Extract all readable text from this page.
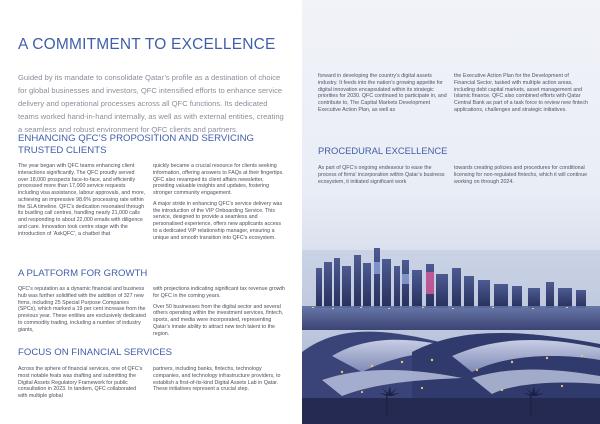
A COMMITMENT TO EXCELLENCE
Guided by its mandate to consolidate Qatar’s profile as a destination of choice for global businesses and investors, QFC intensified efforts to enhance service delivery and operational processes across all QFC functions. Its dedicated teams worked hand-in-hand internally, as well as with external entities, creating a seamless and robust environment for QFC clients and partners.
ENHANCING QFC’S PROPOSITION AND SERVICING
TRUSTED CLIENTS

The year began with QFC teams enhancing client interactions significantly. The QFC proudly served over 18,000 prospects face-to-face, and efficiently processed more than 17,000 service requests including visa assistance, labour approvals, and more, achieving an impressive 98.6% processing rate within the SLA timeline. QFC’s dedication resonated through its bustling call centres, handling nearly 21,000 calls and responding to about 22,000 emails with diligence and care. Innovation took centre stage with the introduction of ‘AskQFC’, a chatbot that

quickly became a crucial resource for clients seeking information, offering answers to FAQs at their fingertips. QFC also revamped its client affairs newsletter, providing valuable insights and updates, fostering stronger community engagement.

A major stride in enhancing QFC’s service delivery was the introduction of the VIP Onboarding Service. This service, designed to provide a seamless and personalised experience, offers new applicants access to a dedicated VIP relationship manager, ensuring a unique and smooth transition into QFC’s ecosystem.

A PLATFORM FOR GROWTH

QFC’s reputation as a dynamic financial and business hub was further solidified with the addition of 327 new firms, including 25 Special Purpose Companies (SPCs), which marked a 19 per cent increase from the previous year. These entities are exclusively dedicated to commodity trading, including a number of industry giants,

with projections indicating significant tax revenue growth for QFC in the coming years.

Over 50 businesses from the digital sector and several others operating within the investment services, fintech, sports, and media were incorporated, representing Qatar’s innate ability to attract new tech talent to the region.

FOCUS ON FINANCIAL SERVICES

Across the sphere of financial services, one of QFC’s most notable feats was drafting and submitting the Digital Assets Regulatory Framework for public consultation in 2023. In tandem, QFC collaborated with multiple global

partners, including banks, fintechs, technology companies, and technology infrastructure providers, to establish a first-of-its-kind Digital Assets Lab in Qatar. These initiatives represent a crucial step.

forward in developing the country’s digital assets industry. It feeds into the nation’s growing appetite for digital innovation encapsulated within its strategic priorities for 2030. QFC continued to participate in, and contribute to, The Capital Markets Development Executive Action Plan, as well as
the Executive Action Plan for the Development of Financial Sector, tasked with multiple action areas, including debt capital markets, asset management and Islamic finance. QFC also combined efforts with Qatar Central Bank as part of a task force to review new fintech applications, challenges and strategic initiatives.
PROCEDURAL EXCELLENCE
As part of QFC’s ongoing endeavour to ease the process of firms’ incorporation within Qatar’s business ecosystem, it initiated significant work
towards creating policies and procedures for conditional licensing for non-regulated fintechs, which it will continue working on through 2024.
